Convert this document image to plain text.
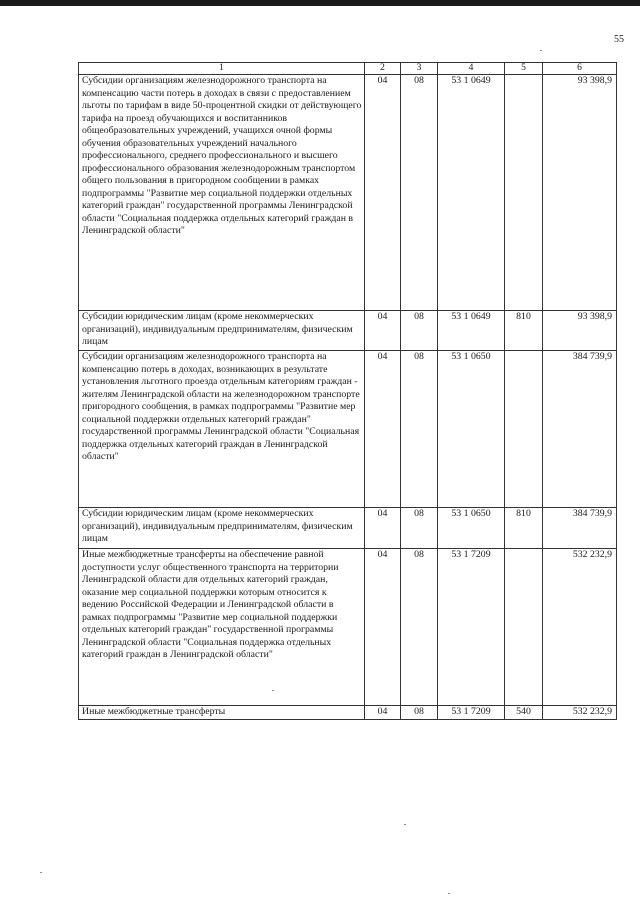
55
1	2	3	4	5	6
Субсидии организациям железнодорожного транспорта на компенсацию части потерь в доходах в связи с предоставлением льготы по тарифам в виде 50-процентной скидки от действующего тарифа на проезд обучающихся и воспитанников общеобразовательных учреждений, учащихся очной формы обучения образовательных учреждений начального профессионального, среднего профессионального и высшего профессионального образования железнодорожным транспортом общего пользования в пригородном сообщении в рамках подпрограммы "Развитие мер социальной поддержки отдельных категорий граждан" государственной программы Ленинградской области "Социальная поддержка отдельных категорий граждан в Ленинградской области"	04	08	53 1 0649		93 398,9
Субсидии юридическим лицам (кроме некоммерческих организаций), индивидуальным предпринимателям, физическим лицам	04	08	53 1 0649	810	93 398,9
Субсидии организациям железнодорожного транспорта на компенсацию потерь в доходах, возникающих в результате установления льготного проезда отдельным категориям граждан - жителям Ленинградской области на железнодорожном транспорте пригородного сообщения, в рамках подпрограммы "Развитие мер социальной поддержки отдельных категорий граждан" государственной программы Ленинградской области "Социальная поддержка отдельных категорий граждан в Ленинградской области"	04	08	53 1 0650		384 739,9
Субсидии юридическим лицам (кроме некоммерческих организаций), индивидуальным предпринимателям, физическим лицам	04	08	53 1 0650	810	384 739,9
Иные межбюджетные трансферты на обеспечение равной доступности услуг общественного транспорта на территории Ленинградской области для отдельных категорий граждан, оказание мер социальной поддержки которым относится к ведению Российской Федерации и Ленинградской области в рамках подпрограммы "Развитие мер социальной поддержки отдельных категорий граждан" государственной программы Ленинградской области "Социальная поддержка отдельных категорий граждан в Ленинградской области"	04	08	53 1 7209		532 232,9
Иные межбюджетные трансферты	04	08	53 1 7209	540	532 232,9
